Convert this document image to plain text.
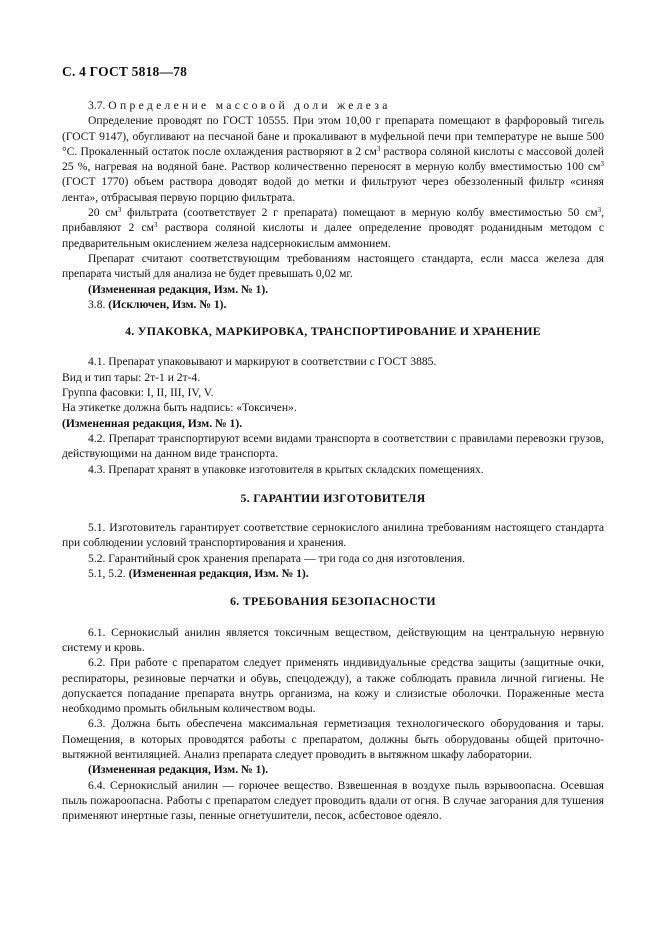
С. 4 ГОСТ 5818—78

3.7. Определение массовой доли железа

Определение проводят по ГОСТ 10555. При этом 10,00 г препарата помещают в фарфоровый тигель (ГОСТ 9147), обугливают на песчаной бане и прокаливают в муфельной печи при температуре не выше 500 °С. Прокаленный остаток после охлаждения растворяют в 2 $см^3$ раствора соляной кислоты с массовой долей 25 %, нагревая на водяной бане. Раствор количественно переносят в мерную колбу вместимостью 100 $см^3$ (ГОСТ 1770) объем раствора доводят водой до метки и фильтруют через обеззоленный фильтр «синяя лента», отбрасывая первую порцию фильтрата.

20 $см^3$ фильтрата (соответствует 2 г препарата) помещают в мерную колбу вместимостью 50 $см^3$, прибавляют 2 $см^3$ раствора соляной кислоты и далее определение проводят роданидным методом с предварительным окислением железа надсернокислым аммонием.

Препарат считают соответствующим требованиям настоящего стандарта, если масса железа для препарата чистый для анализа не будет превышать 0,02 мг.

(Измененная редакция, Изм. № 1).

3.8. (Исключен, Изм. № 1).

4. УПАКОВКА, МАРКИРОВКА, ТРАНСПОРТИРОВАНИЕ И ХРАНЕНИЕ

4.1. Препарат упаковывают и маркируют в соответствии с ГОСТ 3885.

Вид и тип тары: 2т-1 и 2т-4.

Группа фасовки: I, II, III, IV, V.

На этикетке должна быть надпись: «Токсичен».

(Измененная редакция, Изм. № 1).

4.2. Препарат транспортируют всеми видами транспорта в соответствии с правилами перевозки грузов, действующими на данном виде транспорта.

4.3. Препарат хранят в упаковке изготовителя в крытых складских помещениях.

5. ГАРАНТИИ ИЗГОТОВИТЕЛЯ

5.1. Изготовитель гарантирует соответствие сернокислого анилина требованиям настоящего стандарта при соблюдении условий транспортирования и хранения.

5.2. Гарантийный срок хранения препарата — три года со дня изготовления.

5.1, 5.2. (Измененная редакция, Изм. № 1).

6. ТРЕБОВАНИЯ БЕЗОПАСНОСТИ

6.1. Сернокислый анилин является токсичным веществом, действующим на центральную нервную систему и кровь.

6.2. При работе с препаратом следует применять индивидуальные средства защиты (защитные очки, респираторы, резиновые перчатки и обувь, спецодежду), а также соблюдать правила личной гигиены. Не допускается попадание препарата внутрь организма, на кожу и слизистые оболочки. Пораженные места необходимо промыть обильным количеством воды.

6.3. Должна быть обеспечена максимальная герметизация технологического оборудования и тары. Помещения, в которых проводятся работы с препаратом, должны быть оборудованы общей приточно-вытяжной вентиляцией. Анализ препарата следует проводить в вытяжном шкафу лаборатории.

(Измененная редакция, Изм. № 1).

6.4. Сернокислый анилин — горючее вещество. Взвешенная в воздухе пыль взрывоопасна. Осевшая пыль пожароопасна. Работы с препаратом следует проводить вдали от огня. В случае загорания для тушения применяют инертные газы, пенные огнетушители, песок, асбестовое одеяло.
